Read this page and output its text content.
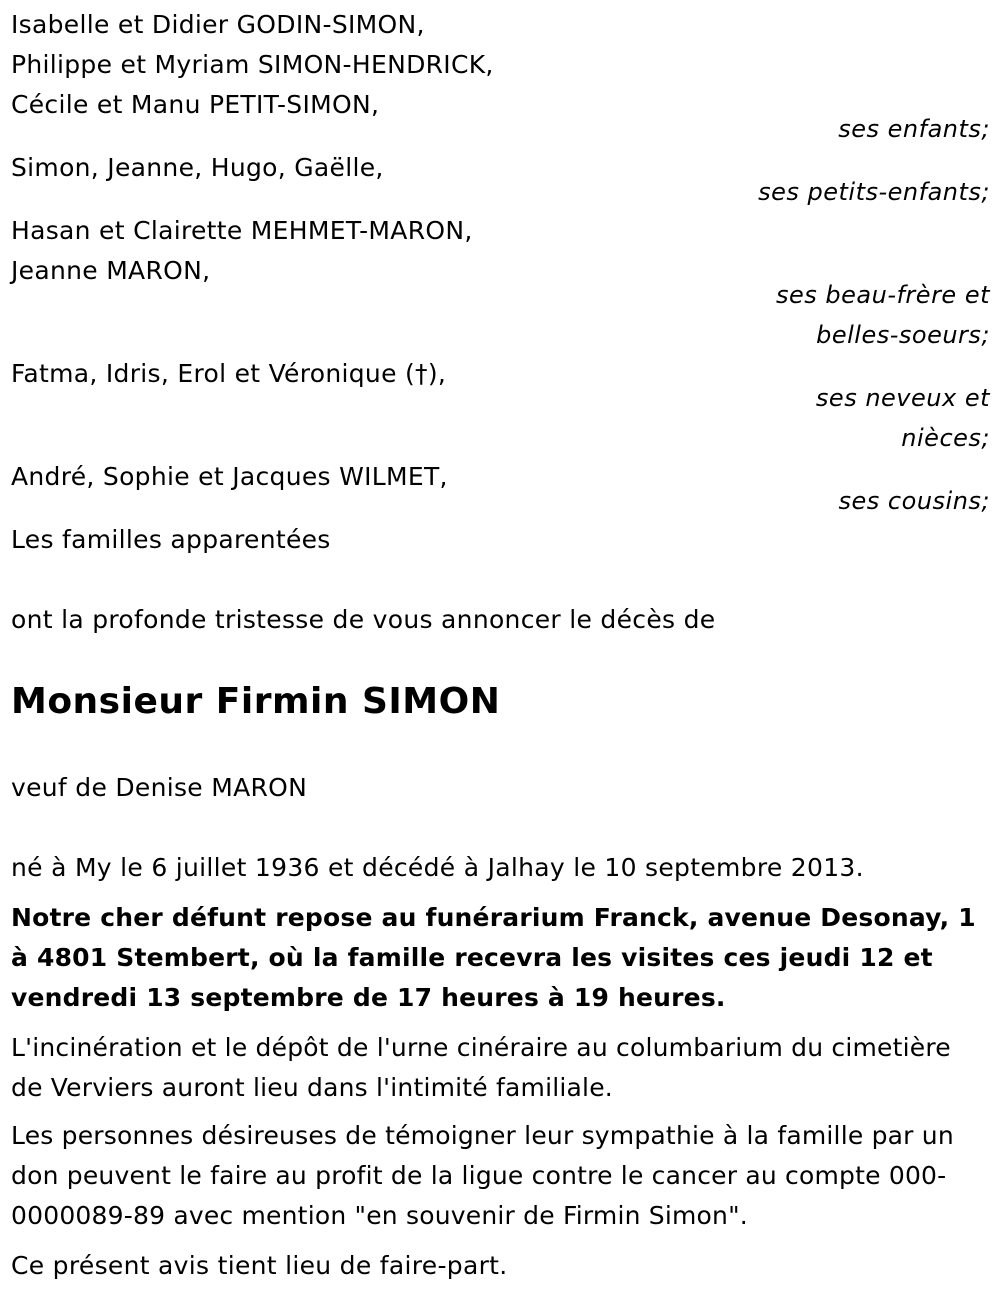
Isabelle et Didier GODIN-SIMON,
Philippe et Myriam SIMON-HENDRICK,
Cécile et Manu PETIT-SIMON,
ses enfants;
Simon, Jeanne, Hugo, Gaëlle,
ses petits-enfants;
Hasan et Clairette MEHMET-MARON,
Jeanne MARON,
ses beau-frère et
belles-soeurs;
Fatma, Idris, Erol et Véronique (†),
ses neveux et
nièces;
André, Sophie et Jacques WILMET,
ses cousins;
Les familles apparentées
ont la profonde tristesse de vous annoncer le décès de
Monsieur Firmin SIMON
veuf de Denise MARON
né à My le 6 juillet 1936 et décédé à Jalhay le 10 septembre 2013.
Notre cher défunt repose au funérarium Franck, avenue Desonay, 1 à 4801 Stembert, où la famille recevra les visites ces jeudi 12 et vendredi 13 septembre de 17 heures à 19 heures.
L'incinération et le dépôt de l'urne cinéraire au columbarium du cimetière de Verviers auront lieu dans l'intimité familiale.
Les personnes désireuses de témoigner leur sympathie à la famille par un don peuvent le faire au profit de la ligue contre le cancer au compte 000-0000089-89 avec mention "en souvenir de Firmin Simon".
Ce présent avis tient lieu de faire-part.
